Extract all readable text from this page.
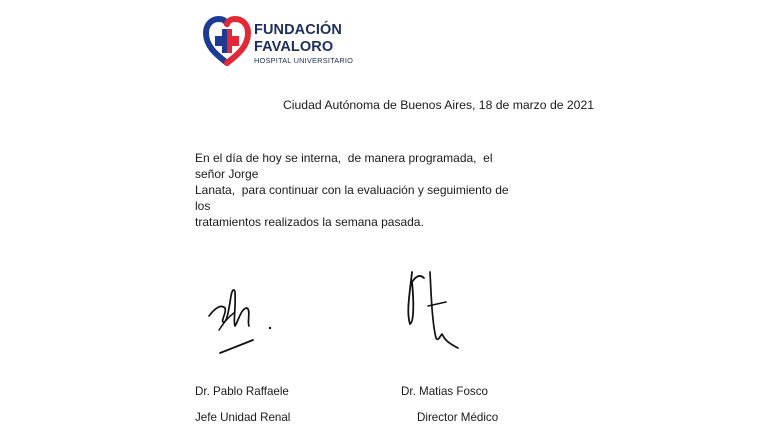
FUNDACIÓN
FAVALORO
HOSPITAL UNIVERSITARIO
Ciudad Autónoma de Buenos Aires, 18 de marzo de 2021
En el día de hoy se interna,  de manera programada,  el señor Jorge
Lanata,  para continuar con la evaluación y seguimiento de los
tratamientos realizados la semana pasada.
Dr. Pablo Raffaele
Jefe Unidad Renal
Dr. Matias Fosco
Director Médico
